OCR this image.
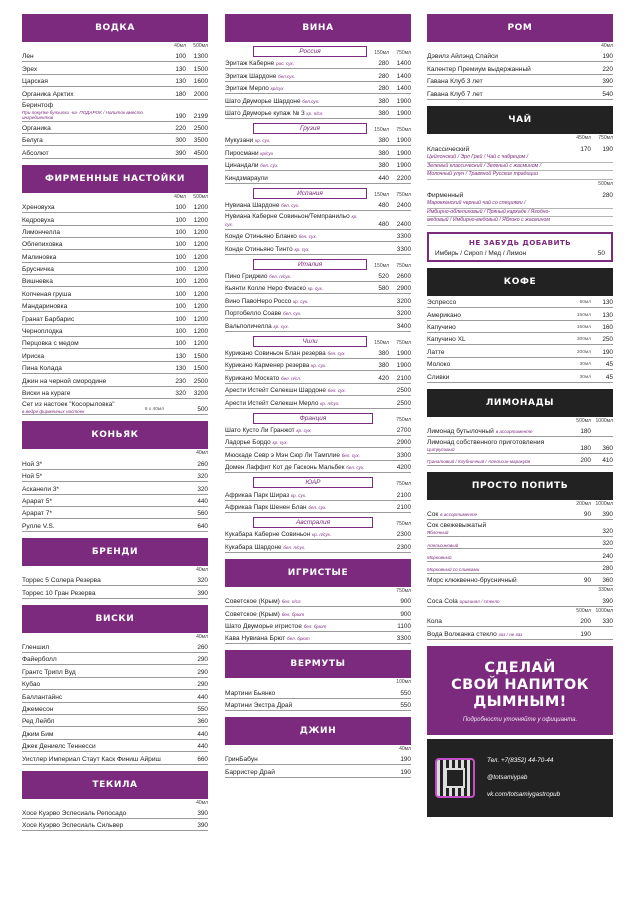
ВОДКА
40мл	500мл
Лен	100	1300
Эрех	130	1500
Царская	130	1600
Органика Арктих	180	2000
Беринтоф
При покупке бутылки -ка- ПОДАРОК / Напиток вместо ингредиентов	190	2199
Органика	220	2500
Белуга	300	3500
Абсолют	390	4500
ФИРМЕННЫЕ НАСТОЙКИ
40мл	500мл
Хреновуха	100	1200
Кедровуха	100	1200
Лимончелла	100	1200
Облепиховка	100	1200
Малиновка	100	1200
Брусничка	100	1200
Вишневка	100	1200
Копченая груша	100	1200
Мандариновка	100	1200
Гранат Барбарис	100	1200
Черноплодка	100	1200
Перцовка с медом	100	1200
Ириска	130	1500
Пина Колада	130	1500
Джин на черной смородине	230	2500
Виски на кураге	320	3200
Сет из настоек "Косорыловка"
в ведре фирменных настоек	6 х 40мл	500
КОНЬЯК
40мл
Ной 3*	260
Ной 5*	320
Асканели 3*	320
Арарат 5*	440
Арарат 7*	560
Рулле V.S.	640
БРЕНДИ
40мл
Торрес 5 Солера Резерва	320
Торрес 10 Гран Резерва	390
ВИСКИ
40мл
Гленшил	260
Файерболл	290
Грантс Трипл Вуд	290
Кубао	290
Баллантайнс	440
Джемесон	550
Ред Лейбл	360
Джим Бим	440
Джек Дениелс Теннесси	440
Уистлер Империал Стаут Каск Финиш Айриш	660
ТЕКИЛА
40мл
Хосе Куэрво Эспесиаль Репосадо	390
Хосе Куэрво Эспесиаль Сильвер	390
ВИНА
Россия	150мл	750мл
Эритаж Каберне рос. сух.	280	1400
Эритаж Шардоне бел.сух.	280	1400
Эритаж Мерло кр/сух.	280	1400
Шато Двуморье Шардоне бел.сух.	380	1900
Шато Двуморье купаж № 3 кр. п/сл.	380	1900
Грузия	150мл	750мл
Мукузани кр. сух.	380	1900
Пиросмани кр/сух	380	1900
Цинандали бел. сух.	380	1900
Киндзмараули	440	2200
Испания	150мл	750мл
Нувиана Шардоне бел. сух.	480	2400
Нувиана Каберне Совиньон/Темпранильо кр. сух.	480	2400
Конде Отиньяно Бланко бел. сух.	3300
Конде Отиньяно Тинто кр. сух.	3300
Италия	150мл	750мл
Пино Гриджио бел. п/сух.	520	2600
Кьянти Колле Неро Фиаско кр. сух.	580	2900
Вино ПавоНеро Россо кр. сух.	3200
Портобелло Соаве бел. сух.	3200
Вальполичелла кр. сух.	3400
Чили	150мл	750мл
Курикано Совиньон Блан резерва бел. сух.	380	1900
Курикано Карменер резерва кр. сух.	380	1900
Курикано Москато бел. п/сл.	420	2100
Арести Истейт Селекшн Шардоне бел. сух.	2500
Арести Истейт Селекшн Мерло кр. п/сух.	2500
Франция	750мл
Шато Кусто Ли Гранжот кр. сух.	2700
Ладорье Бордо кр. сух.	2900
Мюскаде Севр э Мэн Сюр Ли Тамплие бел. сух.	3300
Домен Лаффит Кот де Гасконь Мальбек бел. сух.	4200
ЮАР	750мл
Африкаа Парк Шираз кр. сух.	2100
Африкаа Парк Шенен Блан бел. сух.	2100
Австралия	750мл
Кукабара Каберне Совиньон кр. п/сух.	2300
Кукабара Шардоне бел. п/сух.	2300
ИГРИСТЫЕ
750мл
Советское (Крым) бел. п/сл.	900
Советское (Крым) бел. брют	900
Шато Двуморье игристое бел. брют	1100
Кава Нувиана Брют бел. брют	3300
ВЕРМУТЫ
100мл
Мартини Бьянко	550
Мартини Экстра Драй	550
ДЖИН
40мл
ГринБабун	190
Барристер Драй	190
РОМ
40мл
Дэвилз Айлэнд Спайси	190
Калентер Премиум выдержанный	220
Гавана Клуб 3 лет	390
Гавана Клуб 7 лет	540
ЧАЙ
450мл	750мл
Классический	170	190
Цейлонский / Эрл Грей / Чай с чабрецом /
Зеленый классический / Зеленый с жасмином /
Молочный улун / Травяной Русские традиции
500мл
Фирменный	280
Марокканский черный чай со специями /
Имбирно-облепиховый / Пряный каркаде / Ягодно-
медовый / Имбирно-медовый / Яблоко с жасмином
НЕ ЗАБУДЬ ДОБАВИТЬ
Имбирь / Сироп / Мед / Лимон	50
КОФЕ
Эспрессо	60мл	130
Американо	150мл	130
Капучино	150мл	160
Капучино XL	300мл	250
Латте	200мл	190
Молоко	30мл	45
Сливки	30мл	45
ЛИМОНАДЫ
500мл 1000мл
Лимонад бутылочный в ассортименте	180
Лимонад собственного приготовления
Цитрусовый	180	360
Гранатовый / Клубничный / Апельсин-маракуйя	200	410
ПРОСТО ПОПИТЬ
200мл 1000мл
Сок в ассортименте	90	390
Сок свежевыжатый
Яблочный	320
Апельсиновый	320
Морковный	240
Морковный со сливками	280
Морс клюквенно-брусничный	90	360
330мл
Coca Cola оригинал / стекло	390
500мл 1000мл
Кола	200	330
Вода Волжанка стекло газ / не газ	190
СДЕЛАЙ
СВОЙ НАПИТОК
ДЫМНЫМ!
Подробности уточняйте у официанта.
Тел. +7(8352) 44-70-44
@totsamiypab
vk.com/totsamiygastropub
